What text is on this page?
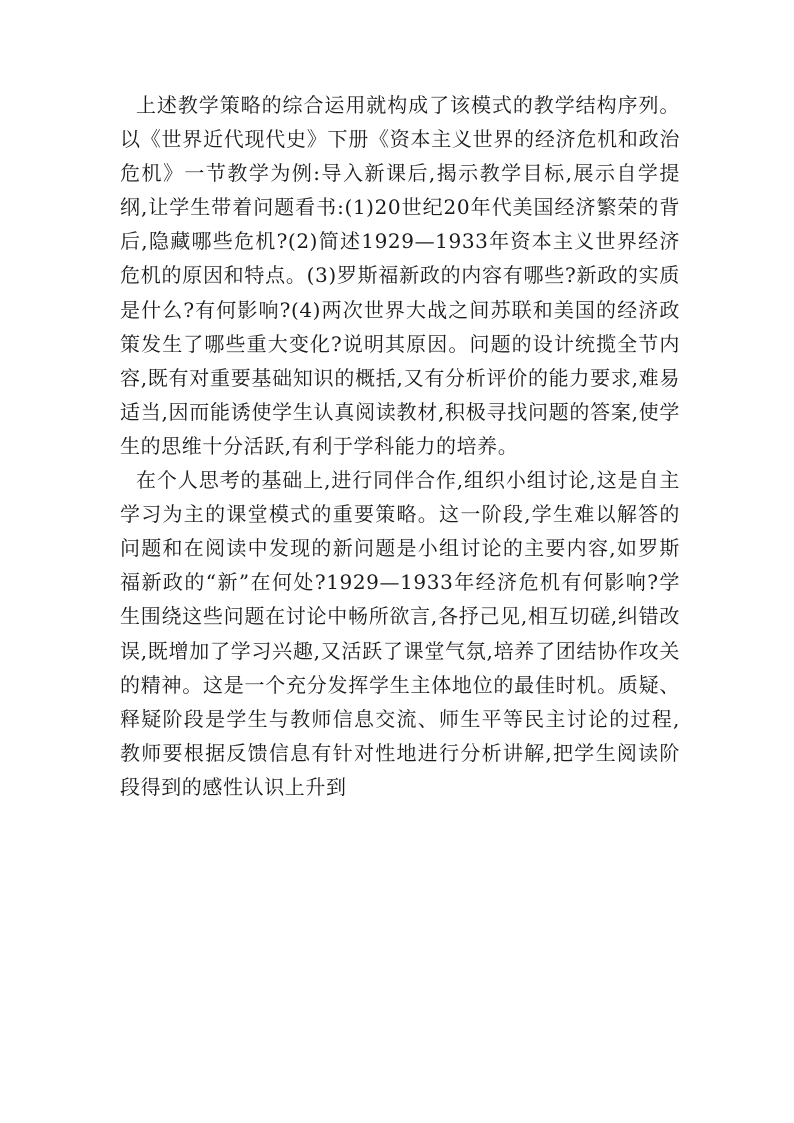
上述教学策略的综合运用就构成了该模式的教学结构序列。以《世界近代现代史》下册《资本主义世界的经济危机和政治危机》一节教学为例:导入新课后,揭示教学目标,展示自学提纲,让学生带着问题看书:(1)20世纪20年代美国经济繁荣的背后,隐藏哪些危机?(2)简述1929—1933年资本主义世界经济危机的原因和特点。(3)罗斯福新政的内容有哪些?新政的实质是什么?有何影响?(4)两次世界大战之间苏联和美国的经济政策发生了哪些重大变化?说明其原因。问题的设计统揽全节内容,既有对重要基础知识的概括,又有分析评价的能力要求,难易适当,因而能诱使学生认真阅读教材,积极寻找问题的答案,使学生的思维十分活跃,有利于学科能力的培养。

在个人思考的基础上,进行同伴合作,组织小组讨论,这是自主学习为主的课堂模式的重要策略。这一阶段,学生难以解答的问题和在阅读中发现的新问题是小组讨论的主要内容,如罗斯福新政的“新”在何处?1929—1933年经济危机有何影响?学生围绕这些问题在讨论中畅所欲言,各抒己见,相互切磋,纠错改误,既增加了学习兴趣,又活跃了课堂气氛,培养了团结协作攻关的精神。这是一个充分发挥学生主体地位的最佳时机。质疑、释疑阶段是学生与教师信息交流、师生平等民主讨论的过程,教师要根据反馈信息有针对性地进行分析讲解,把学生阅读阶段得到的感性认识上升到
